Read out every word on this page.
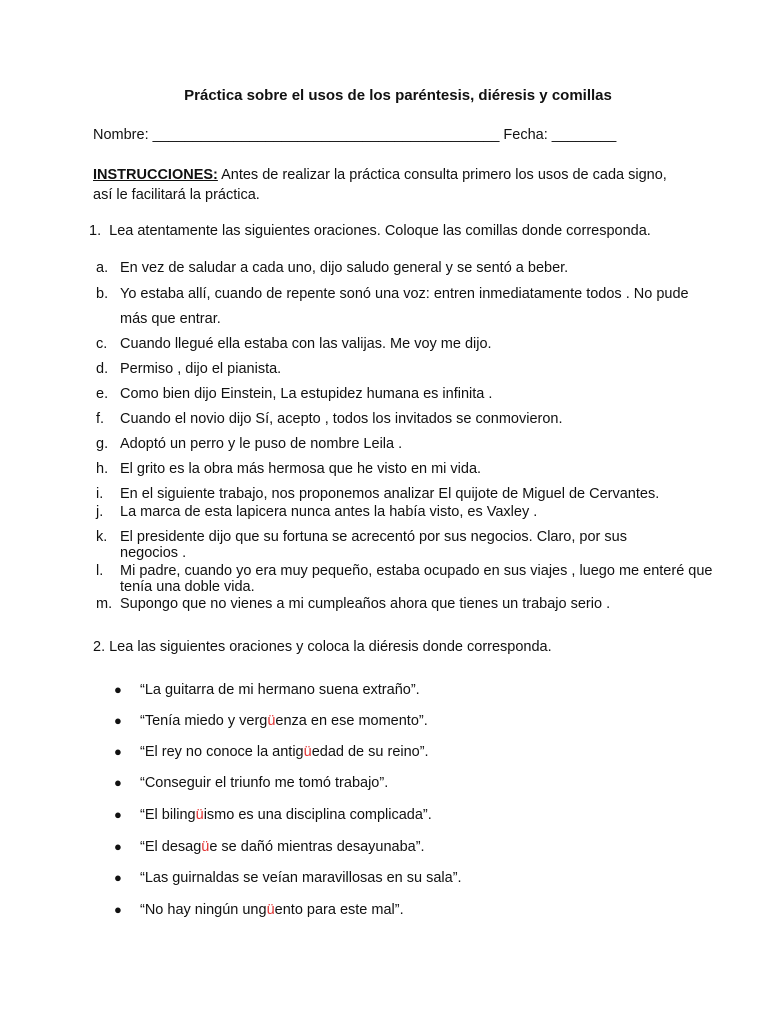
Práctica sobre el usos de los paréntesis, diéresis y comillas
Nombre: ___________________________________________ Fecha: ________
INSTRUCCIONES: Antes de realizar la práctica consulta primero los usos de cada signo, así le facilitará la práctica.
1.  Lea atentamente las siguientes oraciones. Coloque las comillas donde corresponda.
a. En vez de saludar a cada uno, dijo saludo general y se sentó a beber.
b. Yo estaba allí, cuando de repente sonó una voz: entren inmediatamente todos . No pude más que entrar.
c. Cuando llegué ella estaba con las valijas. Me voy me dijo.
d. Permiso , dijo el pianista.
e. Como bien dijo Einstein, La estupidez humana es infinita .
f.	Cuando el novio dijo Sí, acepto , todos los invitados se conmovieron.
g. Adoptó un perro y le puso de nombre Leila .
h. El grito es la obra más hermosa que he visto en mi vida.
i.	En el siguiente trabajo, nos proponemos analizar El quijote de Miguel de Cervantes.
j.	La marca de esta lapicera nunca antes la había visto, es Vaxley .
k. El presidente dijo que su fortuna se acrecentó por sus negocios. Claro, por sus negocios .
l.	Mi padre, cuando yo era muy pequeño, estaba ocupado en sus viajes , luego me enteré que tenía una doble vida.
m. Supongo que no vienes a mi cumpleaños ahora que tienes un trabajo serio .
2. Lea las siguientes oraciones y coloca la diéresis donde corresponda.
●	“La guitarra de mi hermano suena extraño”.
●	“Tenía miedo y verg ü enza en ese momento”.
●	“El rey no conoce la antig ü edad de su reino”.
●	“Conseguir el triunfo me tomó trabajo”.
●	“El biling ü ismo es una disciplina complicada”.
●	“El desag ü e se dañó mientras desayunaba”.
●	“Las guirnaldas se veían maravillosas en su sala”.
●	“No hay ningún ung ü ento para este mal”.
